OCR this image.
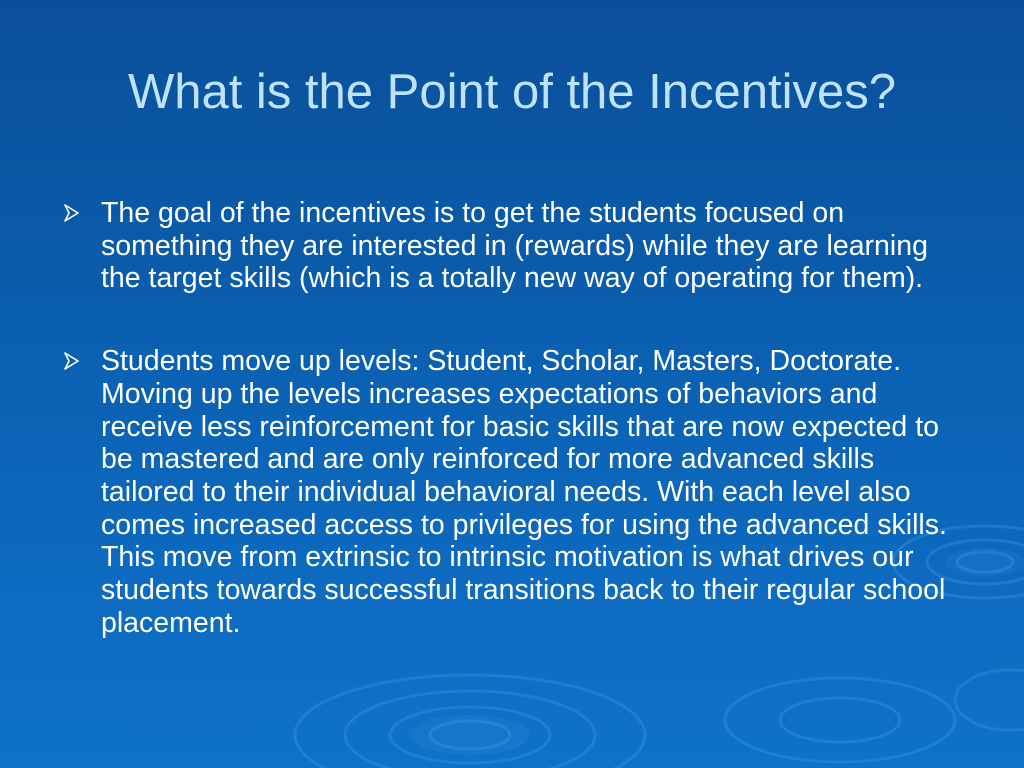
What is the Point of the Incentives?
The goal of the incentives is to get the students focused on something they are interested in (rewards) while they are learning the target skills (which is a totally new way of operating for them).
Students move up levels: Student, Scholar, Masters, Doctorate. Moving up the levels increases expectations of behaviors and receive less reinforcement for basic skills that are now expected to be mastered and are only reinforced for more advanced skills tailored to their individual behavioral needs. With each level also comes increased access to privileges for using the advanced skills. This move from extrinsic to intrinsic motivation is what drives our students towards successful transitions back to their regular school placement.
